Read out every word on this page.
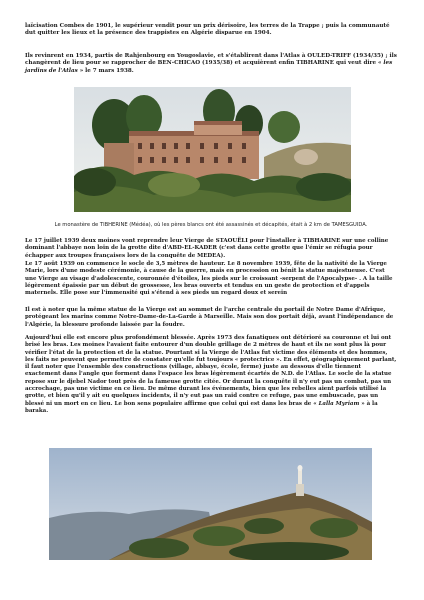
laïcisation Combes de 1901, le supérieur vendit pour un prix dérisoire, les terres de la Trappe ; puis la communauté dut quitter les lieux et la présence des trappistes en Algérie disparue en 1904.

Ils revinrent en 1934, partis de Rahjenbourg en Yougoslavie, et s'établirent dans l'Atlas à OULED-TRIFF (1934/35) ; ils changèrent de lieu pour se rapprocher de BEN-CHICAO (1935/38) et acquièrent enfin TIBHARINE qui veut dire « les jardins de l'Atlas » le 7 mars 1938.

Le monastère de TIBHERINE (Médéa), où les pères blancs ont été assassinés et décapités, était à 2 km de TAMESGUIDA.

Le 17 juillet 1939 deux moines vont reprendre leur Vierge de STAOUËLI pour l'installer à TIBHARINE sur une colline dominant l'abbaye non loin de la grotte dite d'ABD-EL-KADER (c'est dans cette grotte que l'émir se réfugia pour échapper aux troupes françaises lors de la conquête de MEDEA).

Le 17 août 1939 on commence le socle de 3,5 mètres de hauteur. Le 8 novembre 1939, fête de la nativité de la Vierge Marie, lors d'une modeste cérémonie, à cause de la guerre, mais en procession on bénit la statue majestueuse. C'est une Vierge au visage d'adolescente, couronnée d'étoiles, les pieds sur le croissant -serpent de l'Apocalypse- . A la taille légèrement épaissie par un début de grossesse, les bras ouverts et tendus en un geste de protection et d'appels maternels. Elle pose sur l'immensité qui s'étend à ses pieds un regard doux et serein

Il est à noter que la même statue de la Vierge est au sommet de l'arche centrale du portail de Notre Dame d'Afrique, protégeant les marins comme Notre-Dame-de-La-Garde à Marseille. Mais son dos portait déjà, avant l'indépendance de l'Algérie, la blessure profonde laissée par la foudre.

Aujourd'hui elle est encore plus profondément blessée. Après 1973 des fanatiques ont détérioré sa couronne et lui ont brisé les bras. Les moines l'avaient faite entourer d'un double grillage de 2 mètres de haut et ils ne sont plus là pour vérifier l'état de la protection et de la statue. Pourtant si la Vierge de l'Atlas fut victime des éléments et des hommes, les faits ne peuvent que permettre de constater qu'elle fut toujours « protectrice ». En effet, géographiquement parlant, il faut noter que l'ensemble des constructions (village, abbaye, école, ferme) juste au dessous d'elle tiennent exactement dans l'angle que forment dans l'espace les bras légèrement écartés de N.D. de l'Atlas. Le socle de la statue repose sur le djebel Nador tout près de la fameuse grotte citée. Or durant la conquête il n'y eut pas un combat, pas un accrochage, pas une victime en ce lieu. De même durant les événements, bien que les rebelles aient parfois utilisé la grotte, et bien qu'il y ait eu quelques incidents, il n'y eut pas un raid contre ce refuge, pas une embuscade, pas un blessé ni un mort en ce lieu. Le bon sens populaire affirme que celui qui est dans les bras de « Lalla Myriam » à la baraka.
